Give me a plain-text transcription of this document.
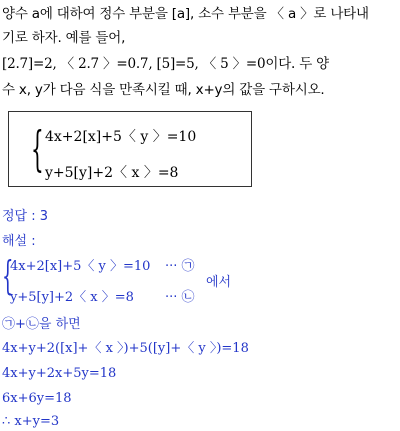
양수 a에 대하여 정수 부분을 [a], 소수 부분을 〈 a 〉로 나타내
기로 하자. 예를 들어,
[2.7]=2, 〈 2.7 〉=0.7, [5]=5, 〈 5 〉=0이다. 두 양
수 x, y가 다음 식을 만족시킬 때, x+y의 값을 구하시오.
{ 4x+2[x]+5〈 y 〉=10
y+5[y]+2〈 x 〉=8
정답 : 3
해설 :
{
4x+2[x]+5〈 y 〉=10 ··· ㉠
y+5[y]+2〈 x 〉=8 ··· ㉡
에서
㉠+㉡을 하면
4x+y+2([x]+〈 x 〉)+5([y]+〈 y 〉)=18
4x+y+2x+5y=18
6x+6y=18
∴ x+y=3
